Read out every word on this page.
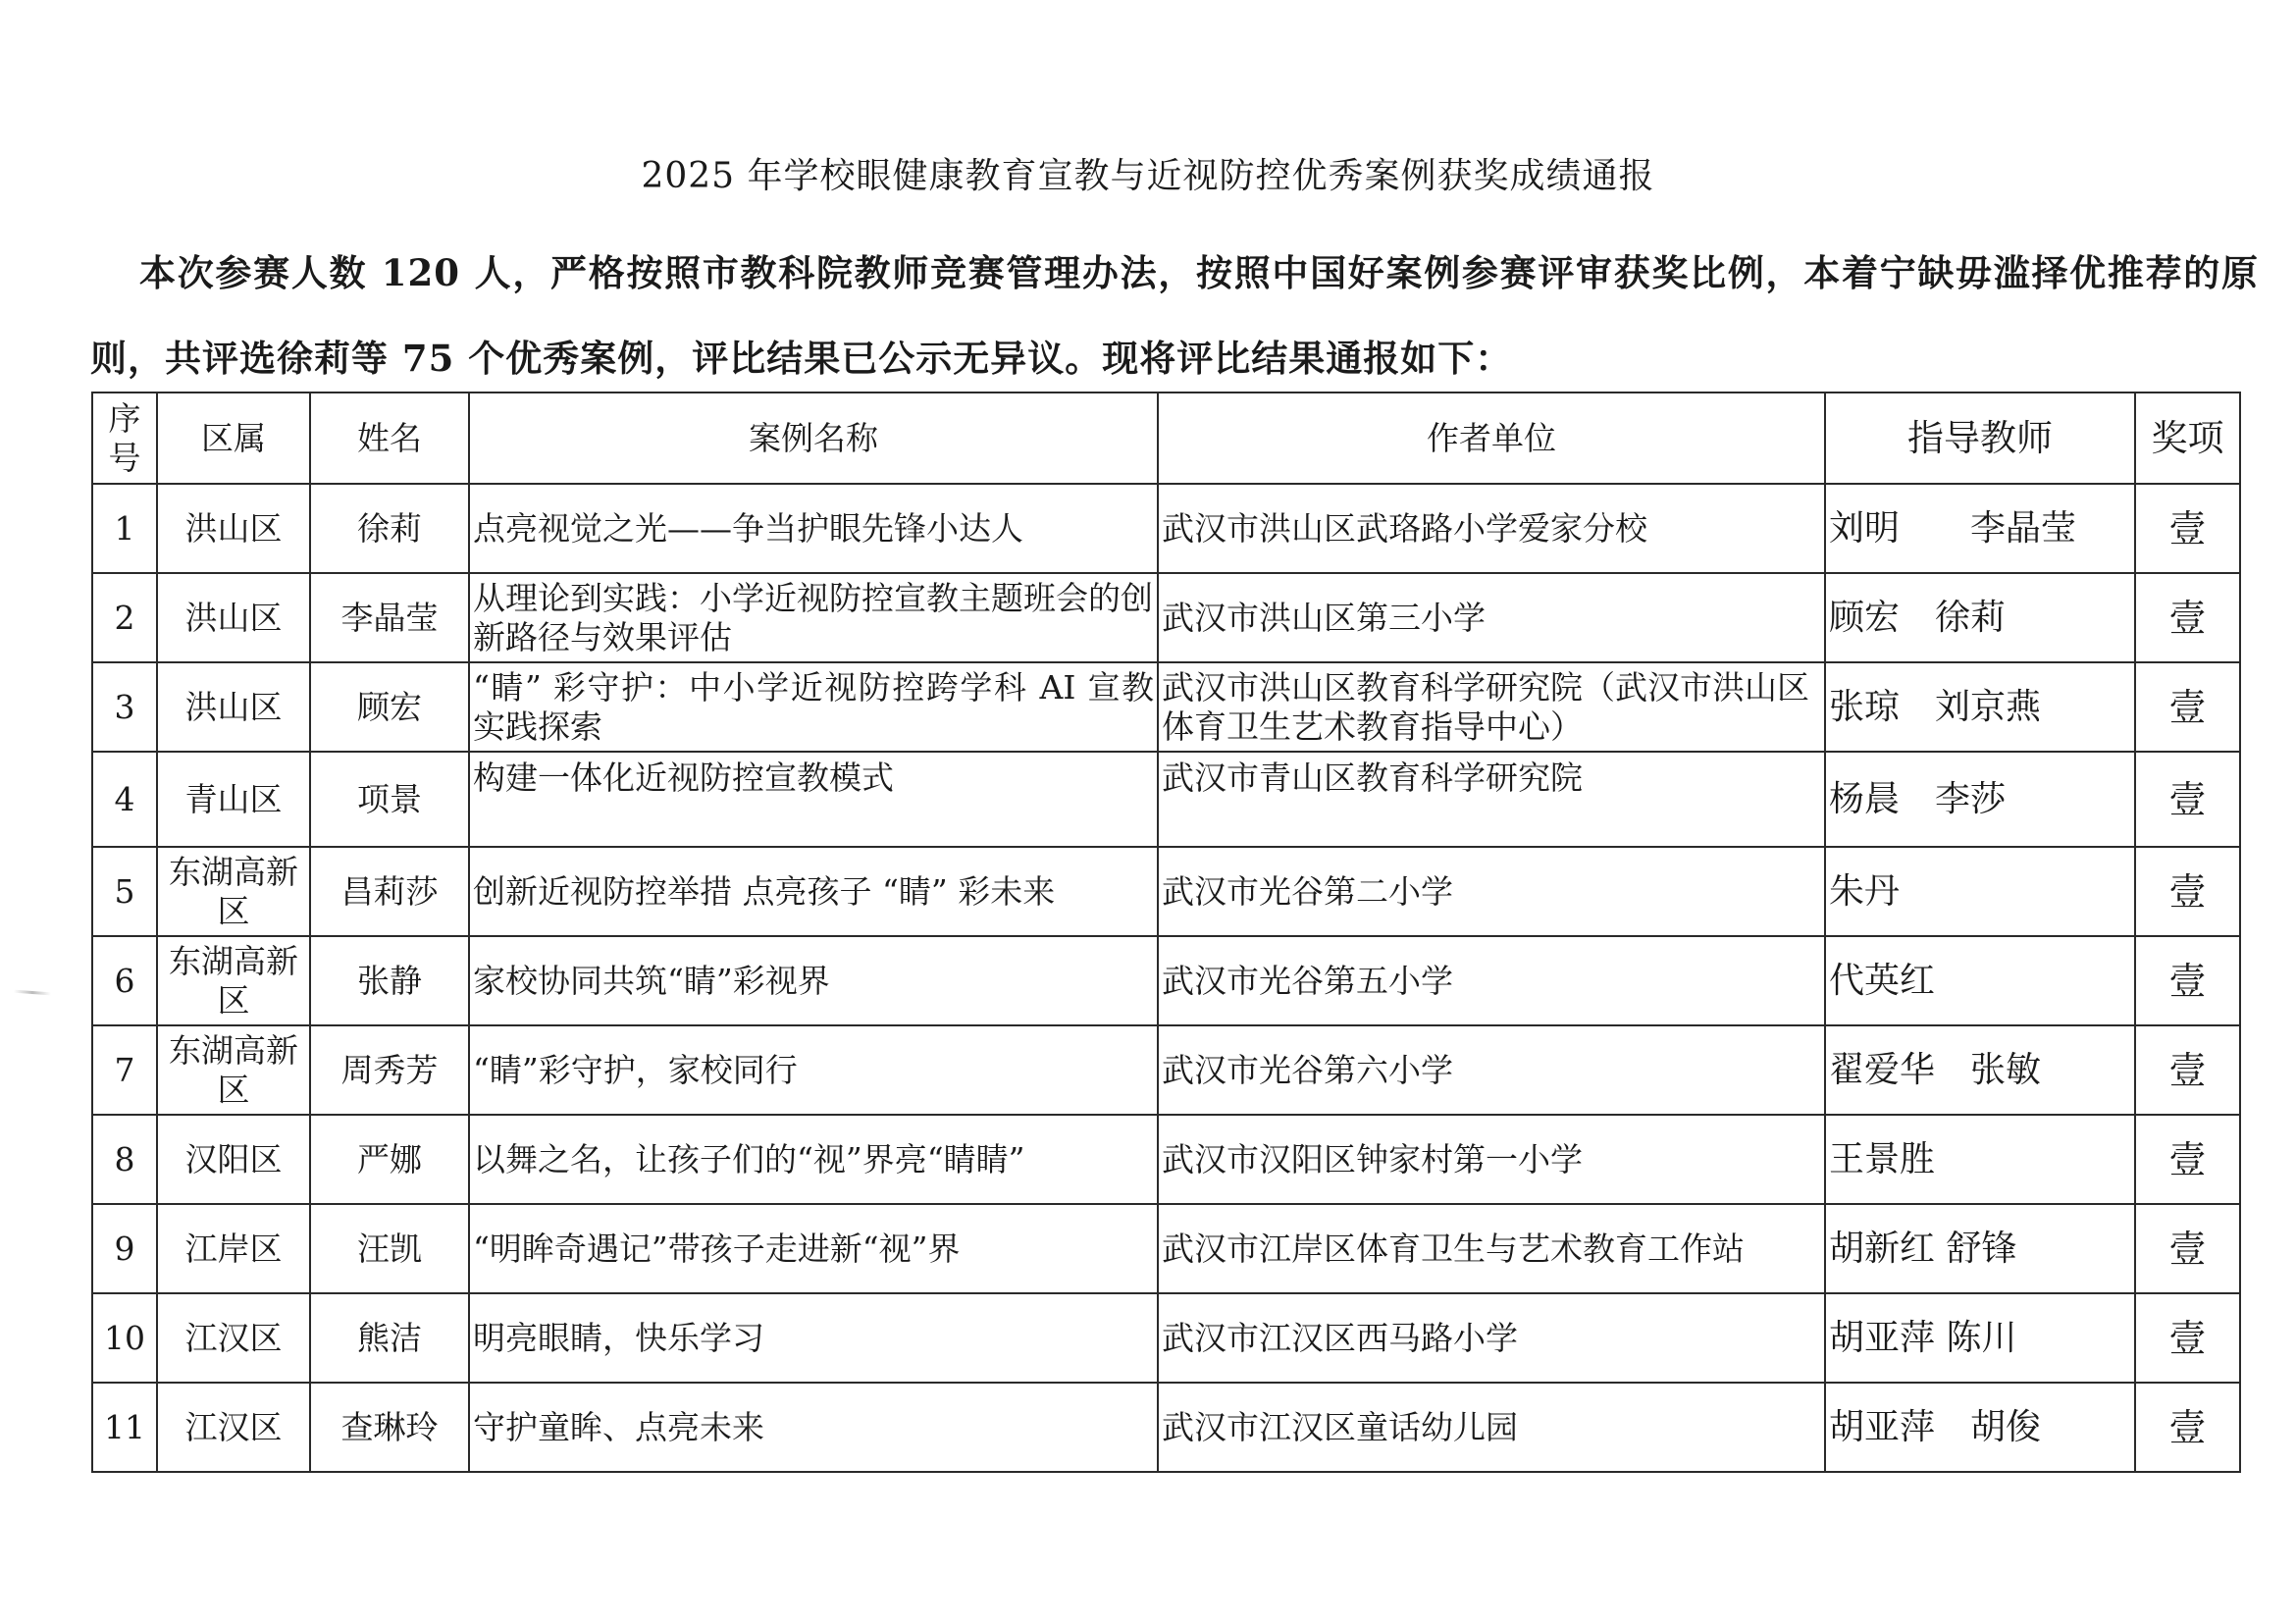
2025 年学校眼健康教育宣教与近视防控优秀案例获奖成绩通报

本次参赛人数 120 人，严格按照市教科院教师竞赛管理办法，按照中国好案例参赛评审获奖比例，本着宁缺毋滥择优推荐的原则，共评选徐莉等 75 个优秀案例，评比结果已公示无异议。现将评比结果通报如下：

序号	区属	姓名	案例名称	作者单位	指导教师	奖项
1	洪山区	徐莉	点亮视觉之光——争当护眼先锋小达人	武汉市洪山区武珞路小学爱家分校	刘明　　李晶莹	壹
2	洪山区	李晶莹	从理论到实践：小学近视防控宣教主题班会的创新路径与效果评估	武汉市洪山区第三小学	顾宏　徐莉	壹
3	洪山区	顾宏	“睛” 彩守护：中小学近视防控跨学科 AI 宣教实践探索	武汉市洪山区教育科学研究院（武汉市洪山区体育卫生艺术教育指导中心）	张琼　刘京燕	壹
4	青山区	项景	构建一体化近视防控宣教模式	武汉市青山区教育科学研究院	杨晨　李莎	壹
5	东湖高新区	昌莉莎	创新近视防控举措 点亮孩子 “睛” 彩未来	武汉市光谷第二小学	朱丹	壹
6	东湖高新区	张静	家校协同共筑“睛”彩视界	武汉市光谷第五小学	代英红	壹
7	东湖高新区	周秀芳	“睛”彩守护，家校同行	武汉市光谷第六小学	翟爱华　张敏	壹
8	汉阳区	严娜	以舞之名，让孩子们的“视”界亮“睛睛”	武汉市汉阳区钟家村第一小学	王景胜	壹
9	江岸区	汪凯	“明眸奇遇记”带孩子走进新“视”界	武汉市江岸区体育卫生与艺术教育工作站	胡新红 舒锋	壹
10	江汉区	熊洁	明亮眼睛，快乐学习	武汉市江汉区西马路小学	胡亚萍 陈川	壹
11	江汉区	查琳玲	守护童眸、点亮未来	武汉市江汉区童话幼儿园	胡亚萍　胡俊	壹
